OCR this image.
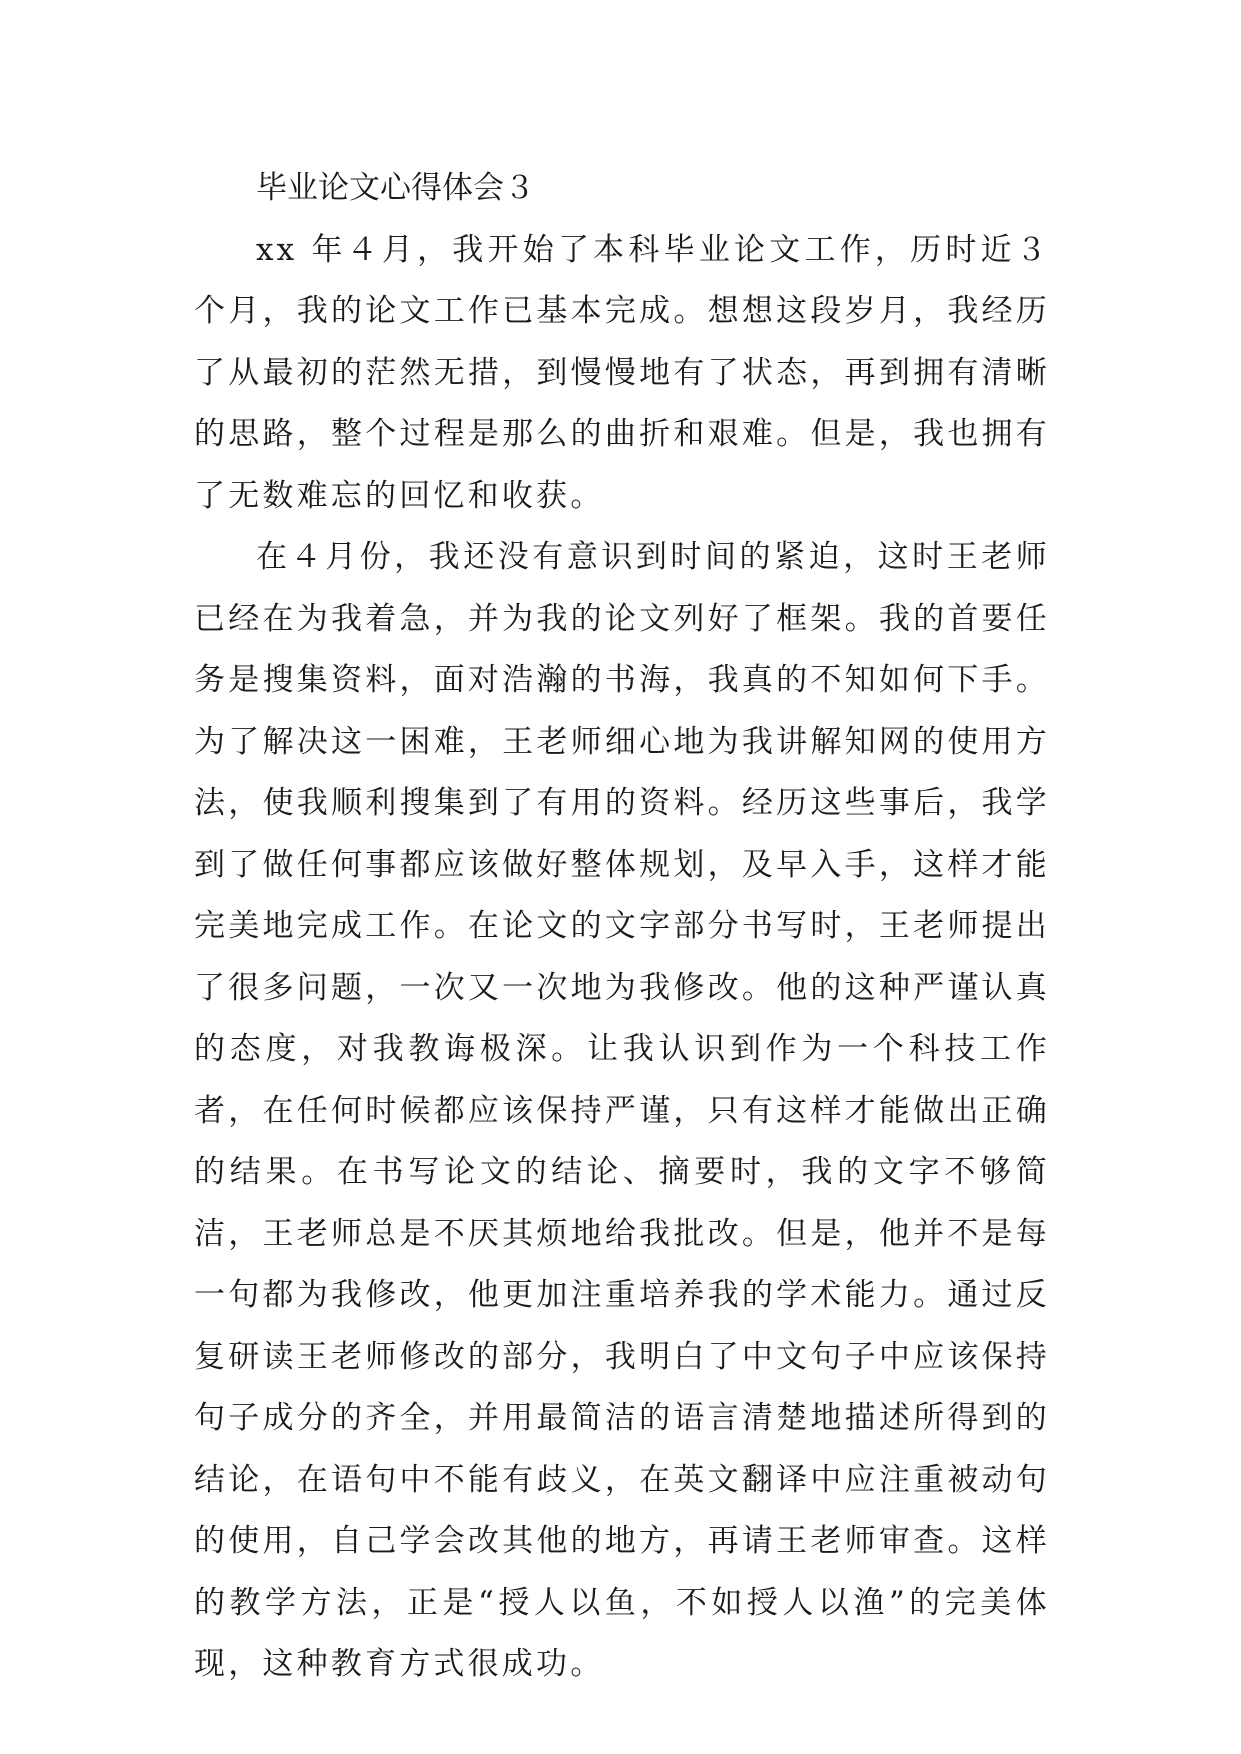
毕业论文心得体会３

xx 年４月，我开始了本科毕业论文工作，历时近３个月，我的论文工作已基本完成。想想这段岁月，我经历了从最初的茫然无措，到慢慢地有了状态，再到拥有清晰的思路，整个过程是那么的曲折和艰难。但是，我也拥有了无数难忘的回忆和收获。

在４月份，我还没有意识到时间的紧迫，这时王老师已经在为我着急，并为我的论文列好了框架。我的首要任务是搜集资料，面对浩瀚的书海，我真的不知如何下手。为了解决这一困难，王老师细心地为我讲解知网的使用方法，使我顺利搜集到了有用的资料。经历这些事后，我学到了做任何事都应该做好整体规划，及早入手，这样才能完美地完成工作。在论文的文字部分书写时，王老师提出了很多问题，一次又一次地为我修改。他的这种严谨认真的态度，对我教诲极深。让我认识到作为一个科技工作者，在任何时候都应该保持严谨，只有这样才能做出正确的结果。在书写论文的结论、摘要时，我的文字不够简洁，王老师总是不厌其烦地给我批改。但是，他并不是每一句都为我修改，他更加注重培养我的学术能力。通过反复研读王老师修改的部分，我明白了中文句子中应该保持句子成分的齐全，并用最简洁的语言清楚地描述所得到的结论，在语句中不能有歧义，在英文翻译中应注重被动句的使用，自己学会改其他的地方，再请王老师审查。这样的教学方法，正是“授人以鱼，不如授人以渔”的完美体现，这种教育方式很成功。
